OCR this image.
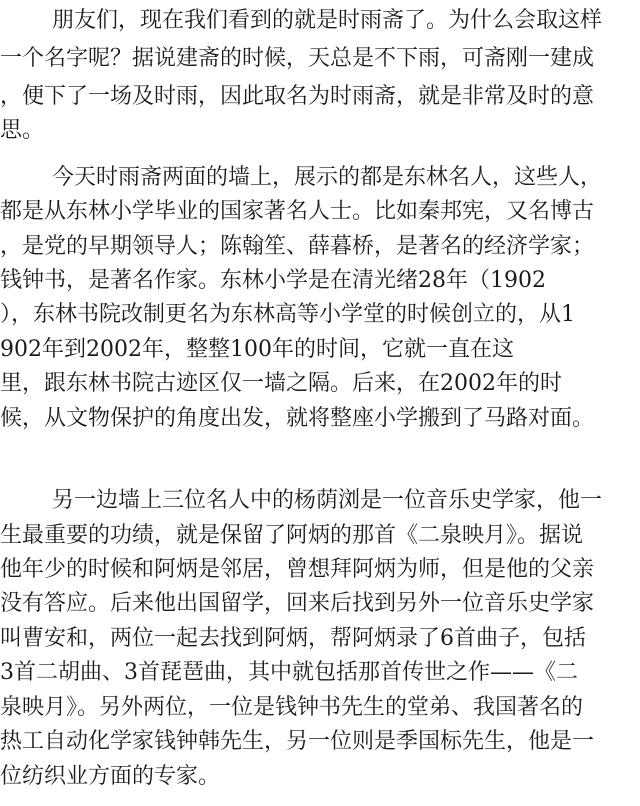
朋友们，现在我们看到的就是时雨斋了。为什么会取这样
一个名字呢？据说建斋的时候，天总是不下雨，可斋刚一建成
，便下了一场及时雨，因此取名为时雨斋，就是非常及时的意
思。
今天时雨斋两面的墙上，展示的都是东林名人，这些人，
都是从东林小学毕业的国家著名人士。比如秦邦宪，又名博古
，是党的早期领导人；陈翰笙、薛暮桥，是著名的经济学家；
钱钟书，是著名作家。东林小学是在清光绪28年（1902
），东林书院改制更名为东林高等小学堂的时候创立的，从1
902年到2002年，整整100年的时间，它就一直在这
里，跟东林书院古迹区仅一墙之隔。后来，在2002年的时
候，从文物保护的角度出发，就将整座小学搬到了马路对面。
另一边墙上三位名人中的杨荫浏是一位音乐史学家，他一
生最重要的功绩，就是保留了阿炳的那首《二泉映月》。据说
他年少的时候和阿炳是邻居，曾想拜阿炳为师，但是他的父亲
没有答应。后来他出国留学，回来后找到另外一位音乐史学家
叫曹安和，两位一起去找到阿炳，帮阿炳录了6首曲子，包括
3首二胡曲、3首琵琶曲，其中就包括那首传世之作——《二
泉映月》。另外两位，一位是钱钟书先生的堂弟、我国著名的
热工自动化学家钱钟韩先生，另一位则是季国标先生，他是一
位纺织业方面的专家。
